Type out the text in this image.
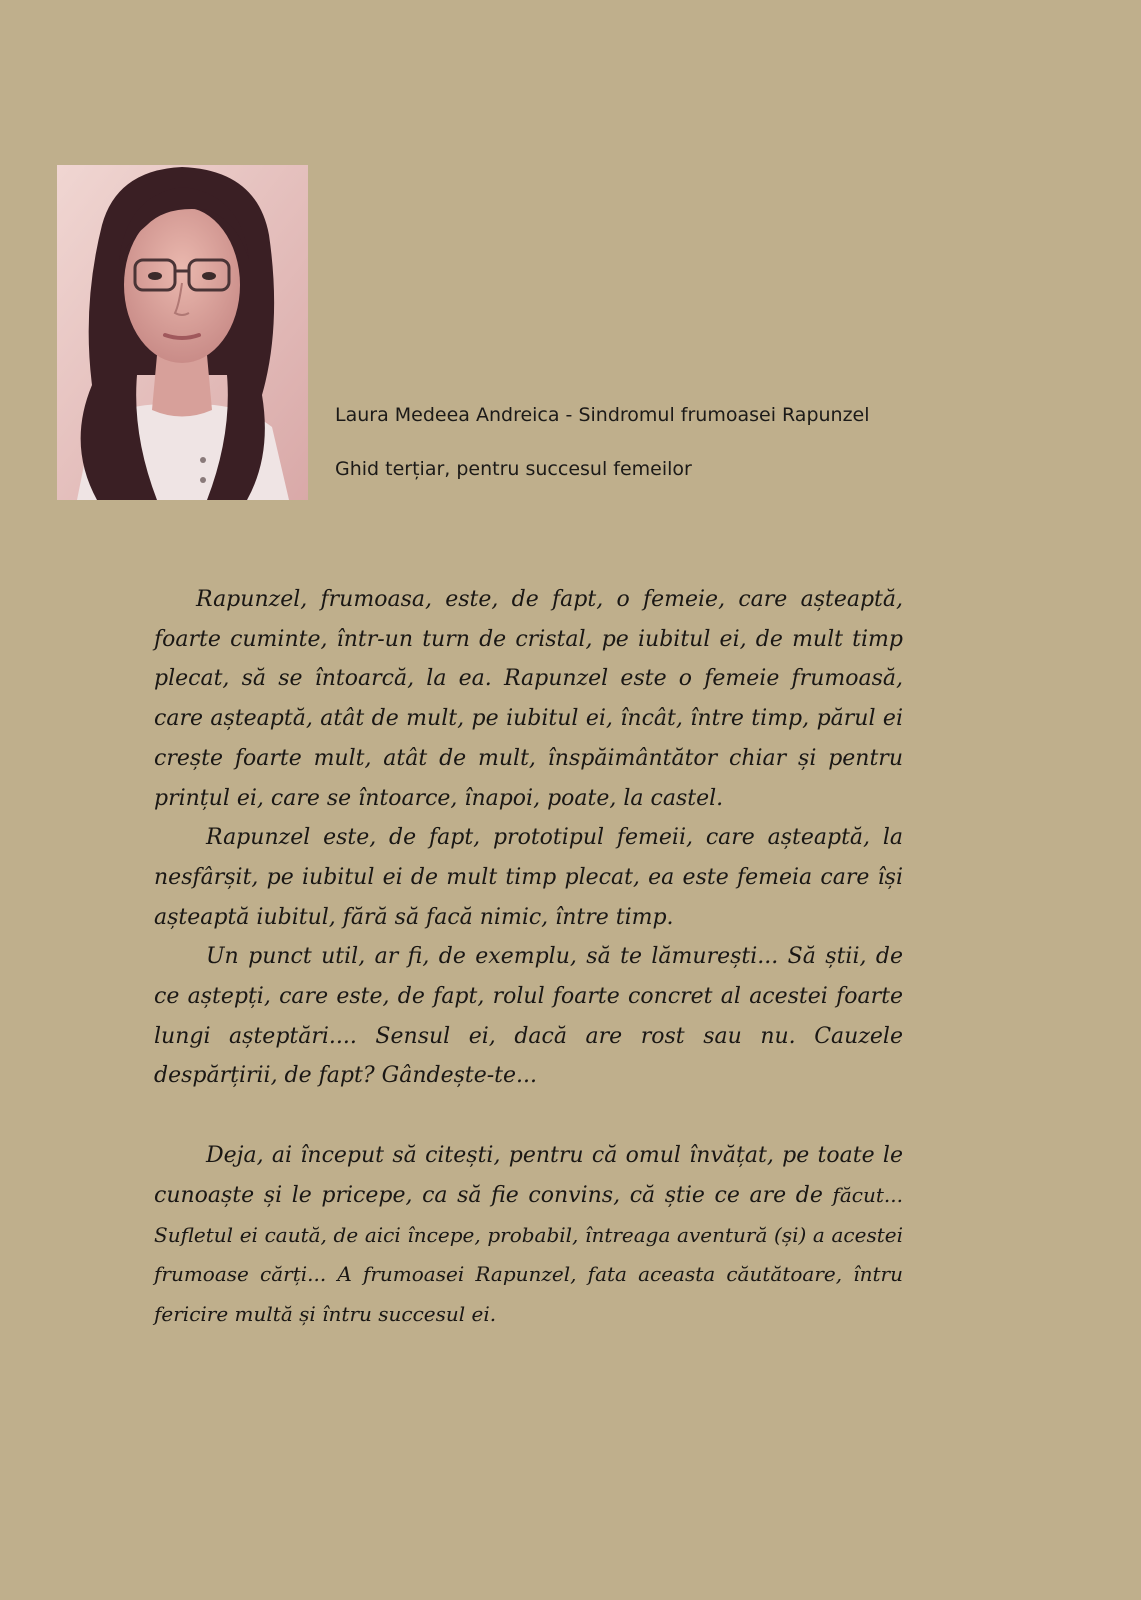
Laura Medeea Andreica - Sindromul frumoasei Rapunzel
Ghid terțiar, pentru succesul femeilor

Rapunzel, frumoasa, este, de fapt, o femeie, care așteaptă, foarte cuminte, într-un turn de cristal, pe iubitul ei, de mult timp plecat, să se întoarcă, la ea. Rapunzel este o femeie frumoasă, care așteaptă, atât de mult, pe iubitul ei, încât, între timp, părul ei crește foarte mult, atât de mult, înspăimântător chiar și pentru prințul ei, care se întoarce, înapoi, poate, la castel.

Rapunzel este, de fapt, prototipul femeii, care așteaptă, la nesfârșit, pe iubitul ei de mult timp plecat, ea este femeia care își așteaptă iubitul, fără să facă nimic, între timp.

Un punct util, ar fi, de exemplu, să te lămurești... Să știi, de ce aștepți, care este, de fapt, rolul foarte concret al acestei foarte lungi așteptări.... Sensul ei, dacă are rost sau nu. Cauzele despărțirii, de fapt? Gândește-te...

Deja, ai început să citești, pentru că omul învățat, pe toate le cunoaște și le pricepe, ca să fie convins, că știe ce are de făcut... Sufletul ei caută, de aici începe, probabil, întreaga aventură (și) a acestei frumoase cărți... A frumoasei Rapunzel, fata aceasta căutătoare, întru fericire multă și întru succesul ei.
